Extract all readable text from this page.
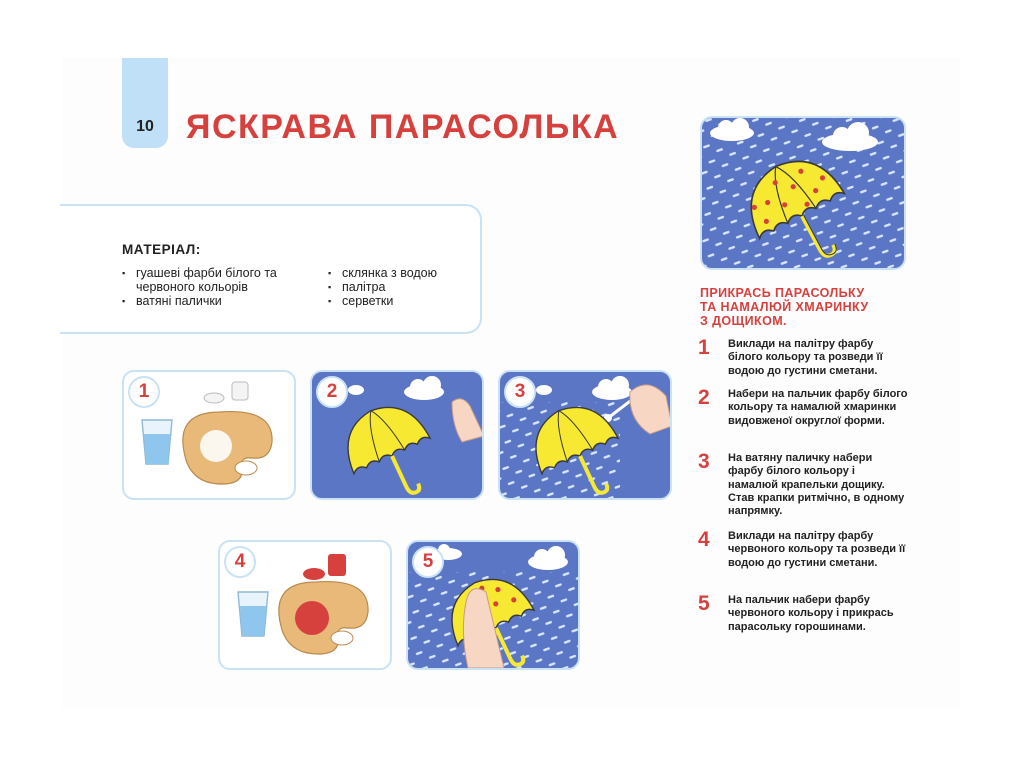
10 ЯСКРАВА ПАРАСОЛЬКА
МАТЕРІАЛ:
▪ гуашеві фарби білого та червоного кольорів
▪ ватяні палички
▪ склянка з водою
▪ палітра
▪ серветки
1	2	3
4	5
ПРИКРАСЬ ПАРАСОЛЬКУ
ТА НАМАЛЮЙ ХМАРИНКУ
З ДОЩИКОМ.
1 Виклади на палітру фарбу білого кольору та розведи її водою до густини сметани.
2 Набери на пальчик фарбу білого кольору та намалюй хмаринки видовженої округлої форми.
3 На ватяну паличку набери фарбу білого кольору і намалюй крапельки дощику. Став крапки ритмічно, в одному напрямку.
4 Виклади на палітру фарбу червоного кольору та розведи її водою до густини сметани.
5 На пальчик набери фарбу червоного кольору і прикрась парасольку горошинами.
